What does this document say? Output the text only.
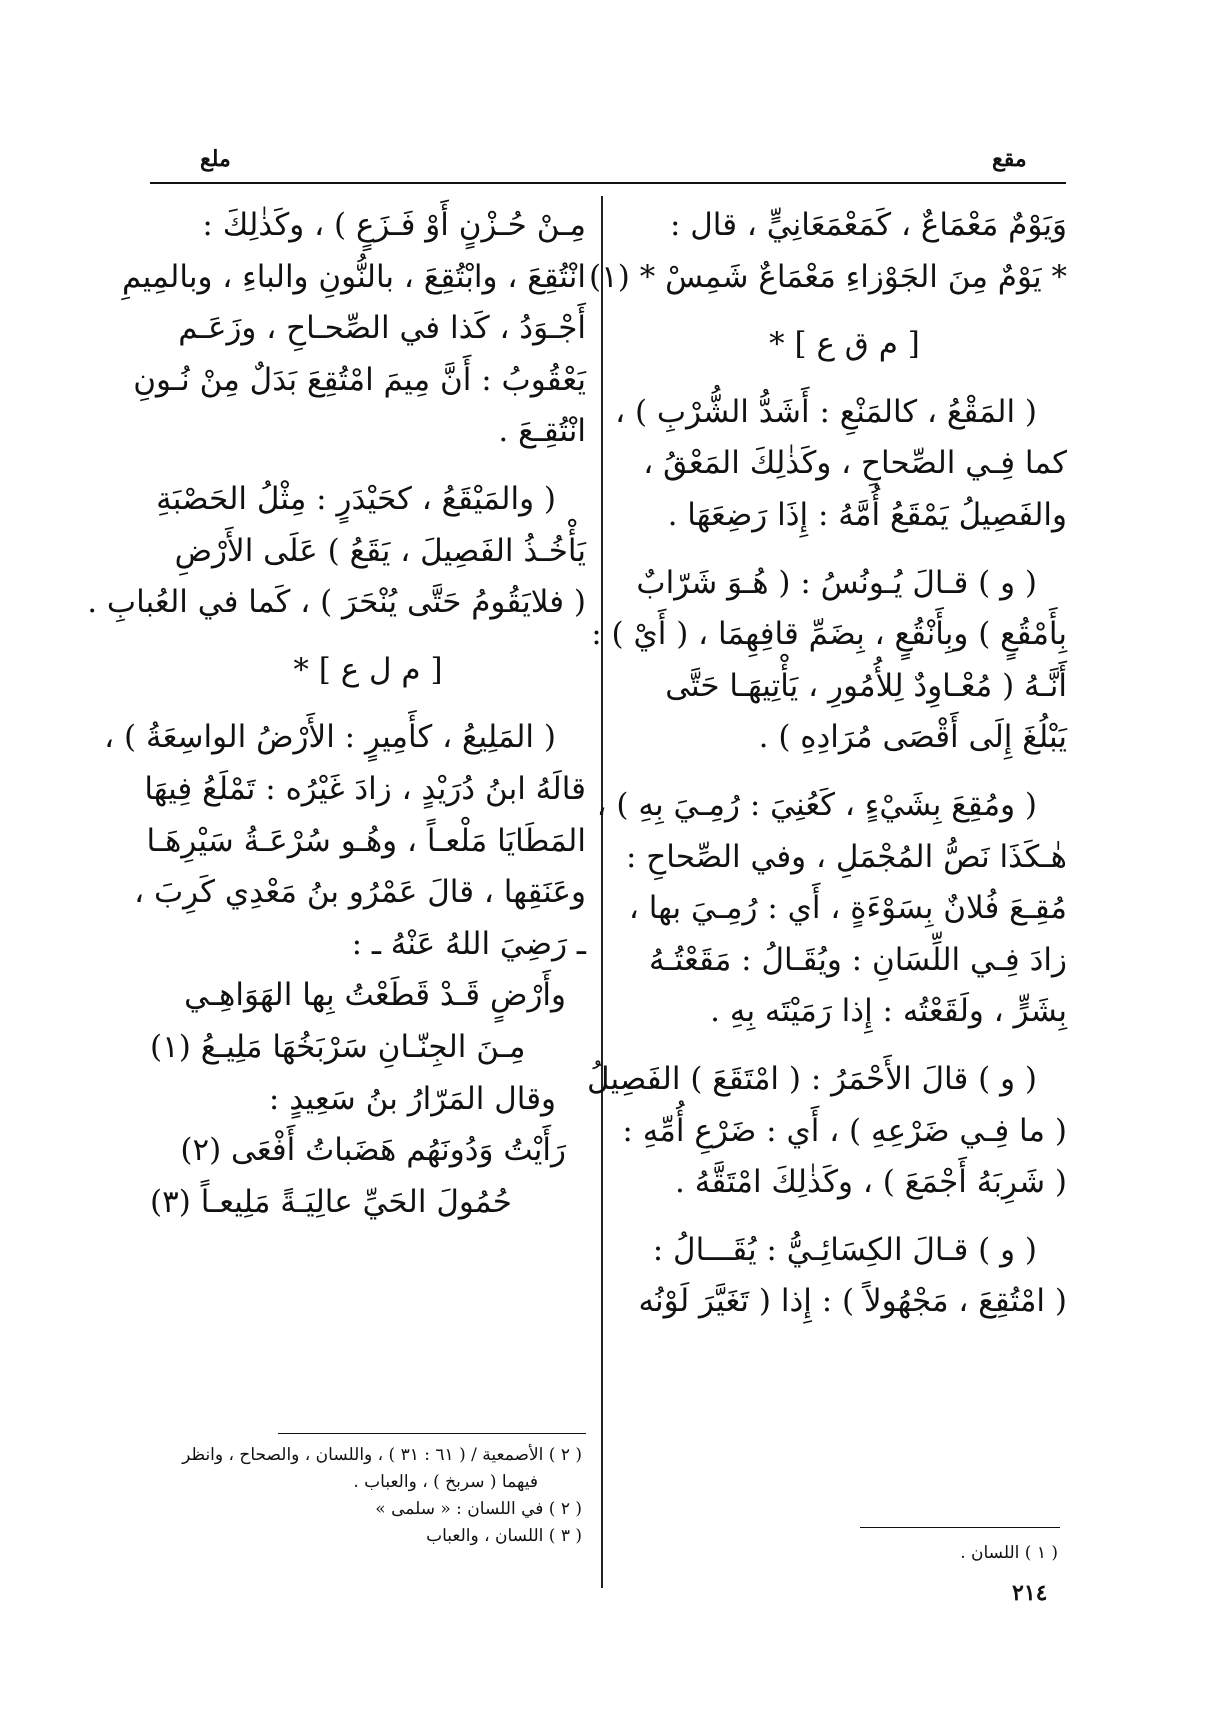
مقع
ملع
وَيَوْمٌ مَعْمَاعٌ ، كَمَعْمَعَانِيٍّ ، قال :
* يَوْمٌ مِنَ الجَوْزاءِ مَعْمَاعٌ شَمِسْ * (١)
[ م ق ع ] *
( المَقْعُ ، كالمَنْعِ : أَشَدُّ الشُّرْبِ ) ،
كما فِـي الصِّحاحِ ، وكَذٰلِكَ المَعْقُ ،
والفَصِيلُ يَمْقَعُ أُمَّهُ : إِذَا رَضِعَهَا .
( و ) قـالَ يُـونُسُ : ( هُـوَ شَرّابٌ
بِأَمْقُعٍ ) وبِأَنْقُعٍ ، بِضَمِّ قافِهِمَا ، ( أَيْ ) :
أَنَّـهُ ( مُعْـاوِدٌ لِلأُمُورِ ، يَأْتِيهَـا حَتَّى
يَبْلُغَ إِلَى أَقْصَى مُرَادِهِ ) .
( ومُقِعَ بِشَيْءٍ ، كَعُنِيَ : رُمِـيَ بِهِ ) ،
هٰـكَذَا نَصُّ المُجْمَلِ ، وفي الصِّحاحِ :
مُقِـعَ فُلانٌ بِسَوْءَةٍ ، أَي : رُمِـيَ بها ،
زادَ فِـي اللِّسَانِ : ويُقَـالُ : مَقَعْتُـهُ
بِشَرٍّ ، ولَقَعْتُه : إِذا رَمَيْتَه بِهِ .
( و ) قالَ الأَحْمَرُ : ( امْتَقَعَ ) الفَصِيلُ
( ما فِـي ضَرْعِهِ ) ، أَي : ضَرْعِ أُمِّهِ :
( شَرِبَهُ أَجْمَعَ ) ، وكَذٰلِكَ امْتَقَّهُ .
( و ) قـالَ الكِسَائِـيُّ : يُقَـــالُ :
( امْتُقِعَ ، مَجْهُولاً ) : إِذا ( تَغَيَّرَ لَوْنُه
( ١ ) اللسان .
مِـنْ حُـزْنٍ أَوْ فَـزَعٍ ) ، وكَذٰلِكَ :
انْتُقِعَ ، وابْتُقِعَ ، بالنُّونِ والباءِ ، وبالمِيمِ
أَجْـوَدُ ، كَذا في الصِّحـاحِ ، وزَعَـم
يَعْقُوبُ : أَنَّ مِيمَ امْتُقِعَ بَدَلٌ مِنْ نُـونِ
انْتُقِـعَ .
( والمَيْقَعُ ، كحَيْدَرٍ : مِثْلُ الحَصْبَةِ
يَأْخُـذُ الفَصِيلَ ، يَقَعُ ) عَلَى الأَرْضِ
( فلايَقُومُ حَتَّى يُنْحَرَ ) ، كَما في العُبابِ .
[ م ل ع ] *
( المَلِيعُ ، كأَمِيرٍ : الأَرْضُ الواسِعَةُ ) ،
قالَهُ ابنُ دُرَيْدٍ ، زادَ غَيْرُه : تَمْلَعُ فِيهَا
المَطَايَا مَلْعـاً ، وهُـو سُرْعَـةُ سَيْرِهَـا
وعَنَقِها ، قالَ عَمْرُو بنُ مَعْدِي كَرِبَ ،
ـ رَضِيَ اللهُ عَنْهُ ـ :
وأَرْضٍ قَـدْ قَطَعْتُ بِها الهَوَاهِـي
مِـنَ الجِنّـانِ سَرْبَخُهَا مَلِيـعُ (١)
وقال المَرّارُ بنُ سَعِيدٍ :
رَأَيْتُ وَدُونَهُم هَضَباتُ أَفْعَى (٢)
حُمُولَ الحَيِّ عالِيَـةً مَلِيعـاً (٣)
( ٢ ) الأصمعية / ( ٦١ : ٣١ ) ، واللسان ، والصحاح ، وانظر
فيهما ( سربخ ) ، والعباب .
( ٢ ) في اللسان : « سلمى »
( ٣ ) اللسان ، والعباب
٢١٤
